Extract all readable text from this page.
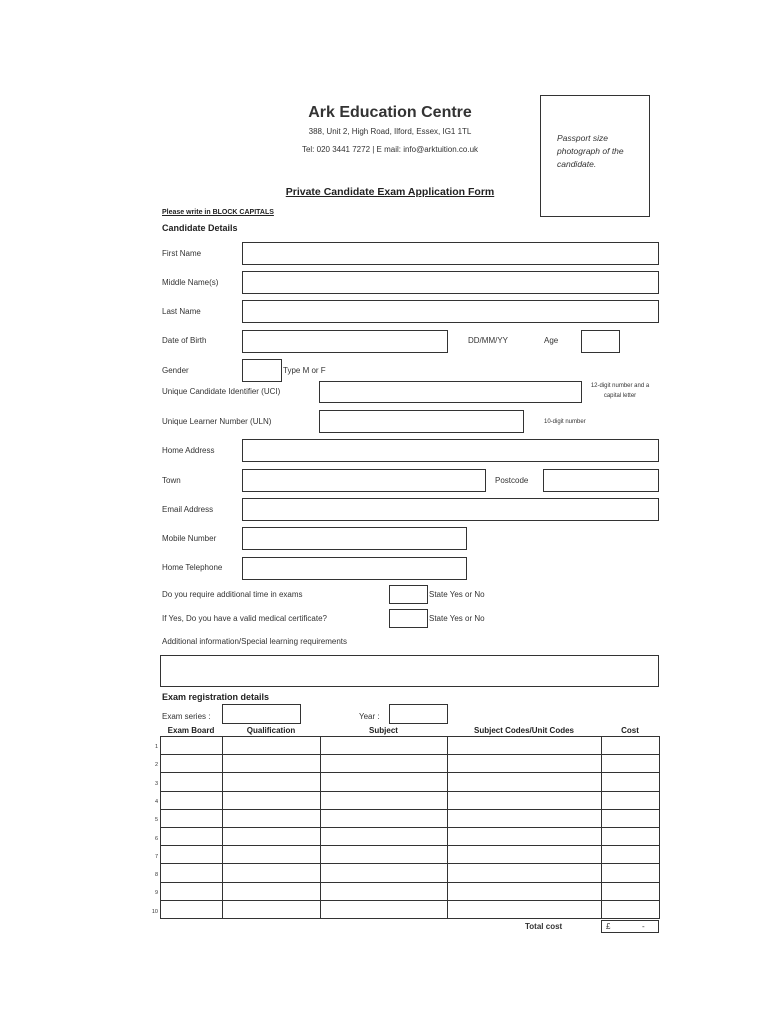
Ark Education Centre
388, Unit 2, High Road, Ilford, Essex, IG1 1TL
Tel: 020 3441 7272 | E mail: info@arktuition.co.uk
Passport size photograph of the candidate.
Private Candidate Exam Application Form
Please write in BLOCK CAPITALS
Candidate Details
First Name
Middle Name(s)
Last Name
Date of Birth	DD/MM/YY	Age
Gender	Type M or F
Unique Candidate Identifier (UCI)
12-digit number and a capital letter
Unique Learner Number (ULN)	10-digit number
Home Address
Town	Postcode
Email Address
Mobile Number
Home Telephone
Do you require additional time in exams	State Yes or No
If Yes, Do you have a valid medical certificate?	State Yes or No
Additional information/Special learning requirements
Exam registration details
Exam series :	Year :
Exam Board	Qualification	Subject	Subject Codes/Unit Codes	Cost

1
2
3
4
5
6
7
8
9
10
Total cost	£	-
